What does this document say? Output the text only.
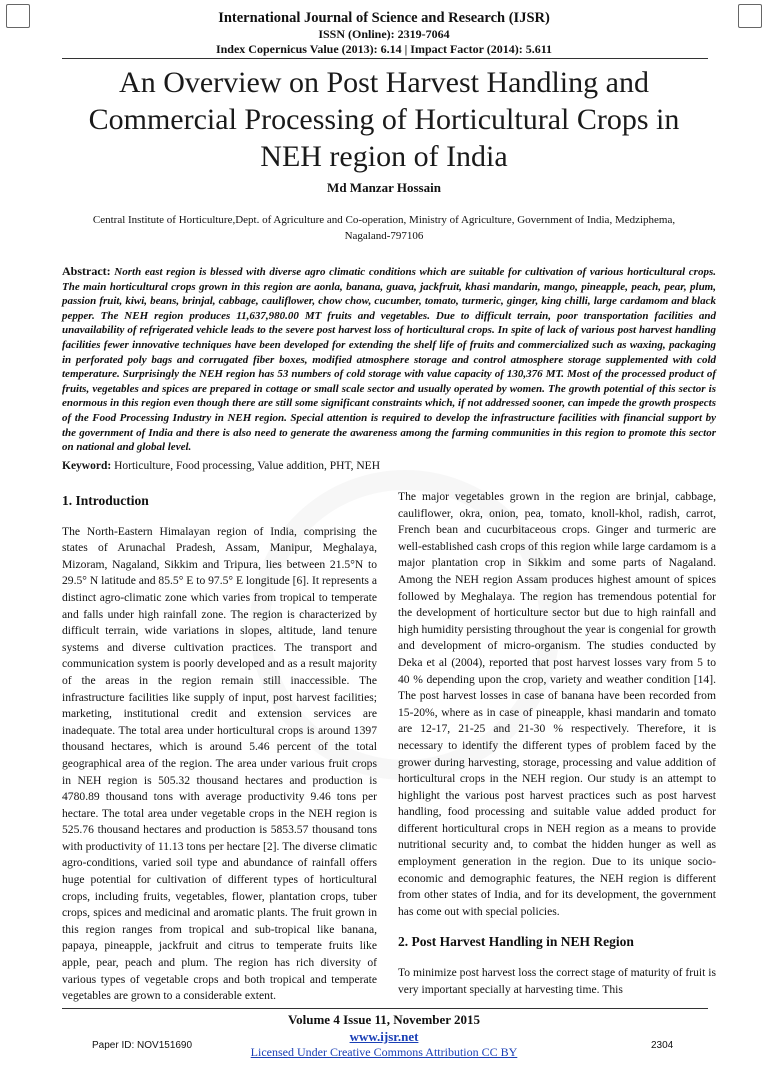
International Journal of Science and Research (IJSR)
ISSN (Online): 2319-7064
Index Copernicus Value (2013): 6.14 | Impact Factor (2014): 5.611
An Overview on Post Harvest Handling and Commercial Processing of Horticultural Crops in NEH region of India
Md Manzar Hossain
Central Institute of Horticulture,Dept. of Agriculture and Co-operation, Ministry of Agriculture, Government of India, Medziphema, Nagaland-797106
Abstract: North east region is blessed with diverse agro climatic conditions which are suitable for cultivation of various horticultural crops. The main horticultural crops grown in this region are aonla, banana, guava, jackfruit, khasi mandarin, mango, pineapple, peach, pear, plum, passion fruit, kiwi, beans, brinjal, cabbage, cauliflower, chow chow, cucumber, tomato, turmeric, ginger, king chilli, large cardamom and black pepper. The NEH region produces 11,637,980.00 MT fruits and vegetables. Due to difficult terrain, poor transportation facilities and unavailability of refrigerated vehicle leads to the severe post harvest loss of horticultural crops. In spite of lack of various post harvest handling facilities fewer innovative techniques have been developed for extending the shelf life of fruits and commercialized such as waxing, packaging in perforated poly bags and corrugated fiber boxes, modified atmosphere storage and control atmosphere storage supplemented with cold temperature. Surprisingly the NEH region has 53 numbers of cold storage with value capacity of 130,376 MT. Most of the processed product of fruits, vegetables and spices are prepared in cottage or small scale sector and usually operated by women. The growth potential of this sector is enormous in this region even though there are still some significant constraints which, if not addressed sooner, can impede the growth prospects of the Food Processing Industry in NEH region. Special attention is required to develop the infrastructure facilities with financial support by the government of India and there is also need to generate the awareness among the farming communities in this region to promote this sector on national and global level.
Keyword: Horticulture, Food processing, Value addition, PHT, NEH
1. Introduction

The North-Eastern Himalayan region of India, comprising the states of Arunachal Pradesh, Assam, Manipur, Meghalaya, Mizoram, Nagaland, Sikkim and Tripura, lies between 21.5°N to 29.5° N latitude and 85.5° E to 97.5° E longitude [6]. It represents a distinct agro-climatic zone which varies from tropical to temperate and falls under high rainfall zone. The region is characterized by difficult terrain, wide variations in slopes, altitude, land tenure systems and diverse cultivation practices. The transport and communication system is poorly developed and as a result majority of the areas in the region remain still inaccessible. The infrastructure facilities like supply of input, post harvest facilities; marketing, institutional credit and extension services are inadequate. The total area under horticultural crops is around 1397 thousand hectares, which is around 5.46 percent of the total geographical area of the region. The area under various fruit crops in NEH region is 505.32 thousand hectares and production is 4780.89 thousand tons with average productivity 9.46 tons per hectare. The total area under vegetable crops in the NEH region is 525.76 thousand hectares and production is 5853.57 thousand tons with productivity of 11.13 tons per hectare [2]. The diverse climatic agro-conditions, varied soil type and abundance of rainfall offers huge potential for cultivation of different types of horticultural crops, including fruits, vegetables, flower, plantation crops, tuber crops, spices and medicinal and aromatic plants. The fruit grown in this region ranges from tropical and sub-tropical like banana, papaya, pineapple, jackfruit and citrus to temperate fruits like apple, pear, peach and plum. The region has rich diversity of various types of vegetable crops and both tropical and temperate vegetables are grown to a considerable extent.

The major vegetables grown in the region are brinjal, cabbage, cauliflower, okra, onion, pea, tomato, knoll-khol, radish, carrot, French bean and cucurbitaceous crops. Ginger and turmeric are well-established cash crops of this region while large cardamom is a major plantation crop in Sikkim and some parts of Nagaland. Among the NEH region Assam produces highest amount of spices followed by Meghalaya. The region has tremendous potential for the development of horticulture sector but due to high rainfall and high humidity persisting throughout the year is congenial for growth and development of micro-organism. The studies conducted by Deka et al (2004), reported that post harvest losses vary from 5 to 40 % depending upon the crop, variety and weather condition [14]. The post harvest losses in case of banana have been recorded from 15-20%, where as in case of pineapple, khasi mandarin and tomato are 12-17, 21-25 and 21-30 % respectively. Therefore, it is necessary to identify the different types of problem faced by the grower during harvesting, storage, processing and value addition of horticultural crops in the NEH region. Our study is an attempt to highlight the various post harvest practices such as post harvest handling, food processing and suitable value added product for different horticultural crops in NEH region as a means to provide nutritional security and, to combat the hidden hunger as well as employment generation in the region. Due to its unique socio-economic and demographic features, the NEH region is different from other states of India, and for its development, the government has come out with special policies.

2. Post Harvest Handling in NEH Region

To minimize post harvest loss the correct stage of maturity of fruit is very important specially at harvesting time. This

Volume 4 Issue 11, November 2015
www.ijsr.net
Licensed Under Creative Commons Attribution CC BY
Paper ID: NOV151690	2304
